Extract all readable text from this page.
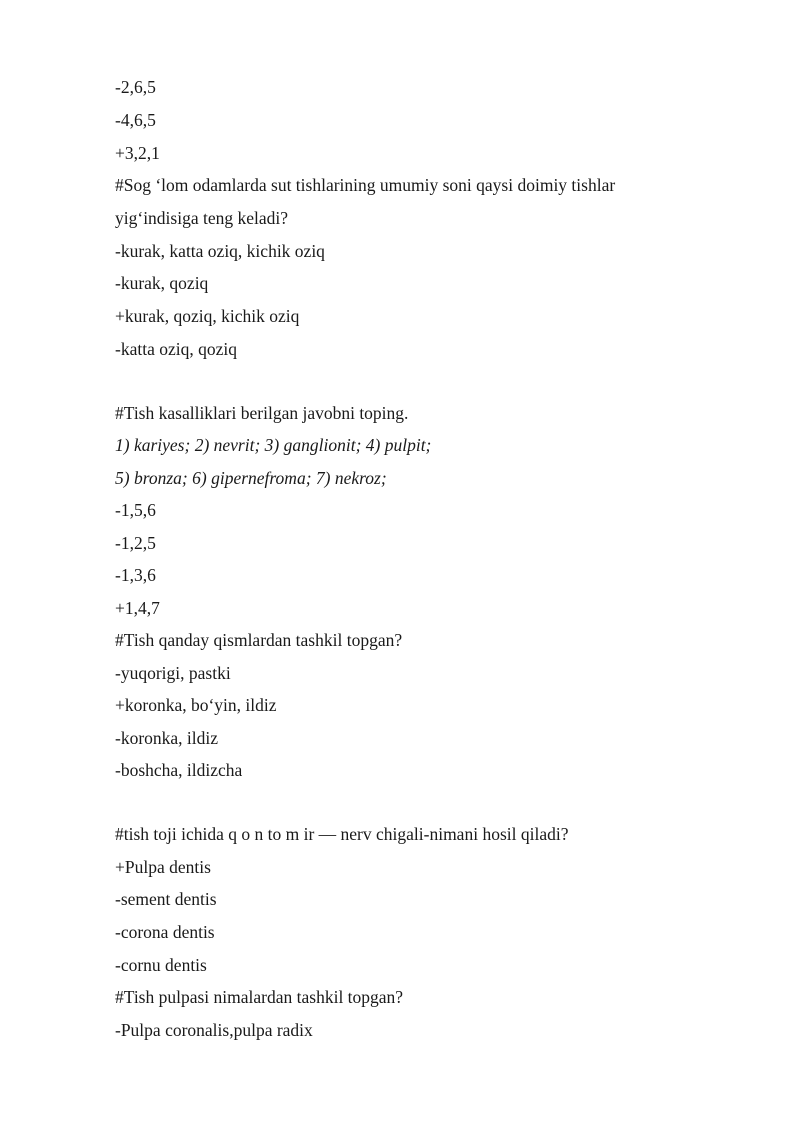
-2,6,5
-4,6,5
+3,2,1
#Sog ‘lom odamlarda sut tishlarining umumiy soni qaysi doimiy tishlar
yig‘indisiga teng keladi?
-kurak, katta oziq, kichik oziq
-kurak, qoziq
+kurak, qoziq, kichik oziq
-katta oziq, qoziq
#Tish kasalliklari berilgan javobni toping.
1) kariyes; 2) nevrit; 3) ganglionit; 4) pulpit;
5) bronza; 6) gipernefroma; 7) nekroz;
-1,5,6
-1,2,5
-1,3,6
+1,4,7
#Tish qanday qismlardan tashkil topgan?
-yuqorigi, pastki
+koronka, bo‘yin, ildiz
-koronka, ildiz
-boshcha, ildizcha
#tish toji ichida q o n to m ir — nerv chigali-nimani hosil qiladi?
+Pulpa dentis
-sement dentis
-corona dentis
-cornu dentis
#Tish pulpasi nimalardan tashkil topgan?
-Pulpa coronalis,pulpa radix
